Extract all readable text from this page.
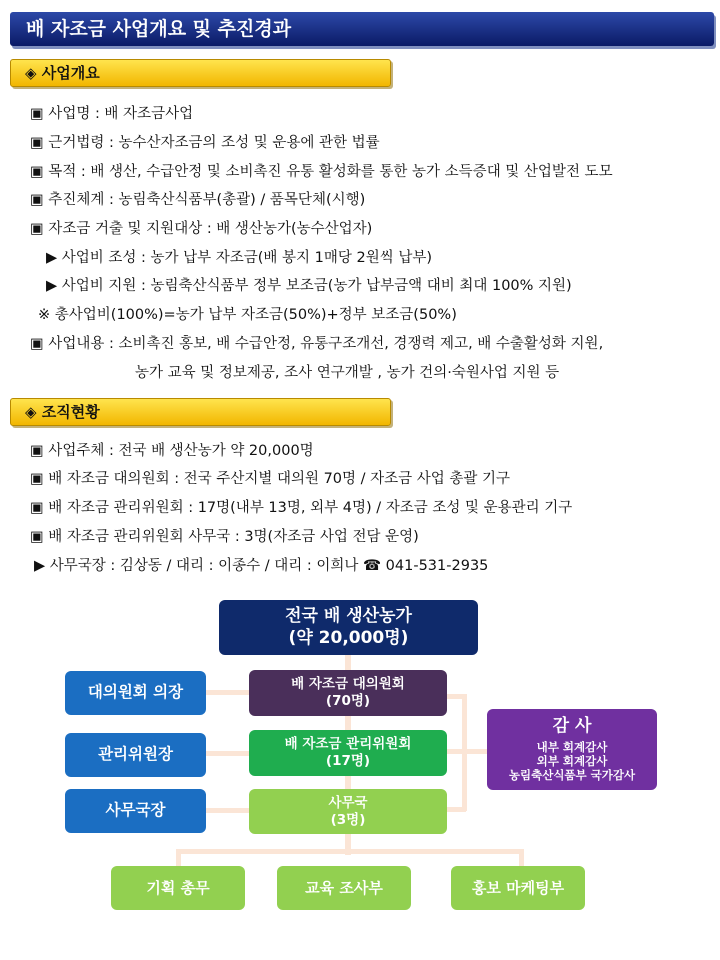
배 자조금 사업개요 및 추진경과
◈ 사업개요
▣ 사업명 : 배 자조금사업
▣ 근거법령 : 농수산자조금의 조성 및 운용에 관한 법률
▣ 목적 : 배 생산, 수급안정 및 소비촉진 유통 활성화를 통한 농가 소득증대 및 산업발전 도모
▣ 추진체계 : 농림축산식품부(총괄) / 품목단체(시행)
▣ 자조금 거출 및 지원대상 : 배 생산농가(농수산업자)
▶ 사업비 조성 : 농가 납부 자조금(배 봉지 1매당 2원씩 납부)
▶ 사업비 지원 : 농림축산식품부 정부 보조금(농가 납부금액 대비 최대 100% 지원)
※ 총사업비(100%)=농가 납부 자조금(50%)+정부 보조금(50%)
▣ 사업내용 : 소비촉진 홍보, 배 수급안정, 유통구조개선, 경쟁력 제고, 배 수출활성화 지원,
농가 교육 및 정보제공, 조사 연구개발 , 농가 건의·숙원사업 지원 등
◈ 조직현황
▣ 사업주체 : 전국 배 생산농가 약 20,000명
▣ 배 자조금 대의원회 : 전국 주산지별 대의원 70명 / 자조금 사업 총괄 기구
▣ 배 자조금 관리위원회 : 17명(내부 13명, 외부 4명) / 자조금 조성 및 운용관리 기구
▣ 배 자조금 관리위원회 사무국 : 3명(자조금 사업 전담 운영)
▶ 사무국장 : 김상동 / 대리 : 이종수 / 대리 : 이희나 ☎ 041-531-2935
전국 배 생산농가
(약 20,000명)
배 자조금 대의원회
(70명)
배 자조금 관리위원회
(17명)
사무국
(3명)
대의원회 의장
관리위원장
사무국장
감 사
내부 회계감사
외부 회계감사
농림축산식품부 국가감사
기획 총무	교육 조사부	홍보 마케팅부
